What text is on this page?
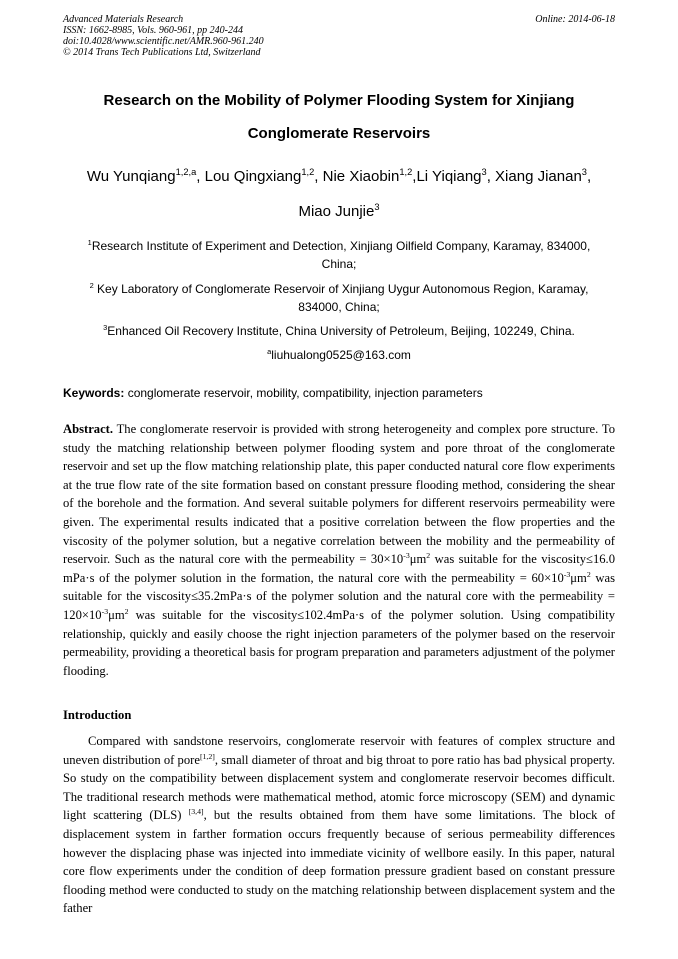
Advanced Materials Research
ISSN: 1662-8985, Vols. 960-961, pp 240-244
doi:10.4028/www.scientific.net/AMR.960-961.240
© 2014 Trans Tech Publications Ltd, Switzerland
Online: 2014-06-18
Research on the Mobility of Polymer Flooding System for Xinjiang
Conglomerate Reservoirs
Wu Yunqiang$^{1,2,a}$, Lou Qingxiang$^{1,2}$, Nie Xiaobin$^{1,2}$,Li Yiqiang$^3$, Xiang Jianan$^3$,
Miao Junjie$^3$
$^1$Research Institute of Experiment and Detection, Xinjiang Oilfield Company, Karamay, 834000,
China;
$^2$ Key Laboratory of Conglomerate Reservoir of Xinjiang Uygur Autonomous Region, Karamay,
834000, China;
$^3$Enhanced Oil Recovery Institute, China University of Petroleum, Beijing, 102249, China.
$^a$liuhualong0525@163.com
Keywords: conglomerate reservoir, mobility, compatibility, injection parameters

Abstract. The conglomerate reservoir is provided with strong heterogeneity and complex pore structure. To study the matching relationship between polymer flooding system and pore throat of the conglomerate reservoir and set up the flow matching relationship plate, this paper conducted natural core flow experiments at the true flow rate of the site formation based on constant pressure flooding method, considering the shear of the borehole and the formation. And several suitable polymers for different reservoirs permeability were given. The experimental results indicated that a positive correlation between the flow properties and the viscosity of the polymer solution, but a negative correlation between the mobility and the permeability of reservoir. Such as the natural core with the permeability = $30\times 10^{-3}\mu m^2$ was suitable for the viscosity≤16.0 mPa·s of the polymer solution in the formation, the natural core with the permeability = $60\times 10^{-3}\mu m^2$ was suitable for the viscosity≤35.2mPa·s of the polymer solution and the natural core with the permeability = $120\times 10^{-3}\mu m^2$ was suitable for the viscosity≤102.4mPa·s of the polymer solution. Using compatibility relationship, quickly and easily choose the right injection parameters of the polymer based on the reservoir permeability, providing a theoretical basis for program preparation and parameters adjustment of the polymer flooding.

Introduction

Compared with sandstone reservoirs, conglomerate reservoir with features of complex structure and uneven distribution of pore[1,2], small diameter of throat and big throat to pore ratio has bad physical property. So study on the compatibility between displacement system and conglomerate reservoir becomes difficult. The traditional research methods were mathematical method, atomic force microscopy (SEM) and dynamic light scattering (DLS) [3,4], but the results obtained from them have some limitations. The block of displacement system in farther formation occurs frequently because of serious permeability differences however the displacing phase was injected into immediate vicinity of wellbore easily. In this paper, natural core flow experiments under the condition of deep formation pressure gradient based on constant pressure flooding method were conducted to study on the matching relationship between displacement system and the father
